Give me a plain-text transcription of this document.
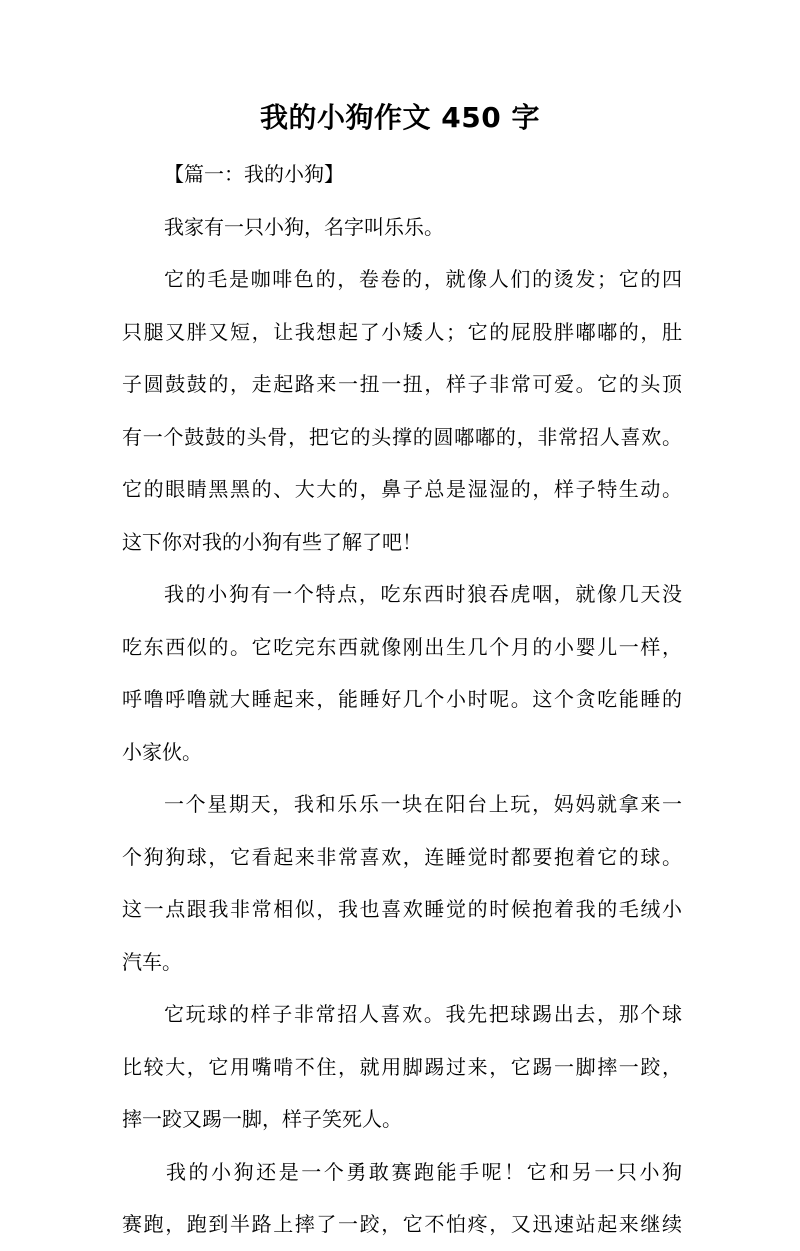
我的小狗作文 450 字
【篇一：我的小狗】
我家有一只小狗，名字叫乐乐。
它的毛是咖啡色的，卷卷的，就像人们的烫发；它的四
只腿又胖又短，让我想起了小矮人；它的屁股胖嘟嘟的，肚
子圆鼓鼓的，走起路来一扭一扭，样子非常可爱。它的头顶
有一个鼓鼓的头骨，把它的头撑的圆嘟嘟的，非常招人喜欢。
它的眼睛黑黑的、大大的，鼻子总是湿湿的，样子特生动。
这下你对我的小狗有些了解了吧！
我的小狗有一个特点，吃东西时狼吞虎咽，就像几天没
吃东西似的。它吃完东西就像刚出生几个月的小婴儿一样，
呼噜呼噜就大睡起来，能睡好几个小时呢。这个贪吃能睡的
小家伙。
一个星期天，我和乐乐一块在阳台上玩，妈妈就拿来一
个狗狗球，它看起来非常喜欢，连睡觉时都要抱着它的球。
这一点跟我非常相似，我也喜欢睡觉的时候抱着我的毛绒小
汽车。
它玩球的样子非常招人喜欢。我先把球踢出去，那个球
比较大，它用嘴啃不住，就用脚踢过来，它踢一脚摔一跤，
摔一跤又踢一脚，样子笑死人。
我的小狗还是一个勇敢赛跑能手呢！它和另一只小狗
赛跑，跑到半路上摔了一跤，它不怕疼，又迅速站起来继续
